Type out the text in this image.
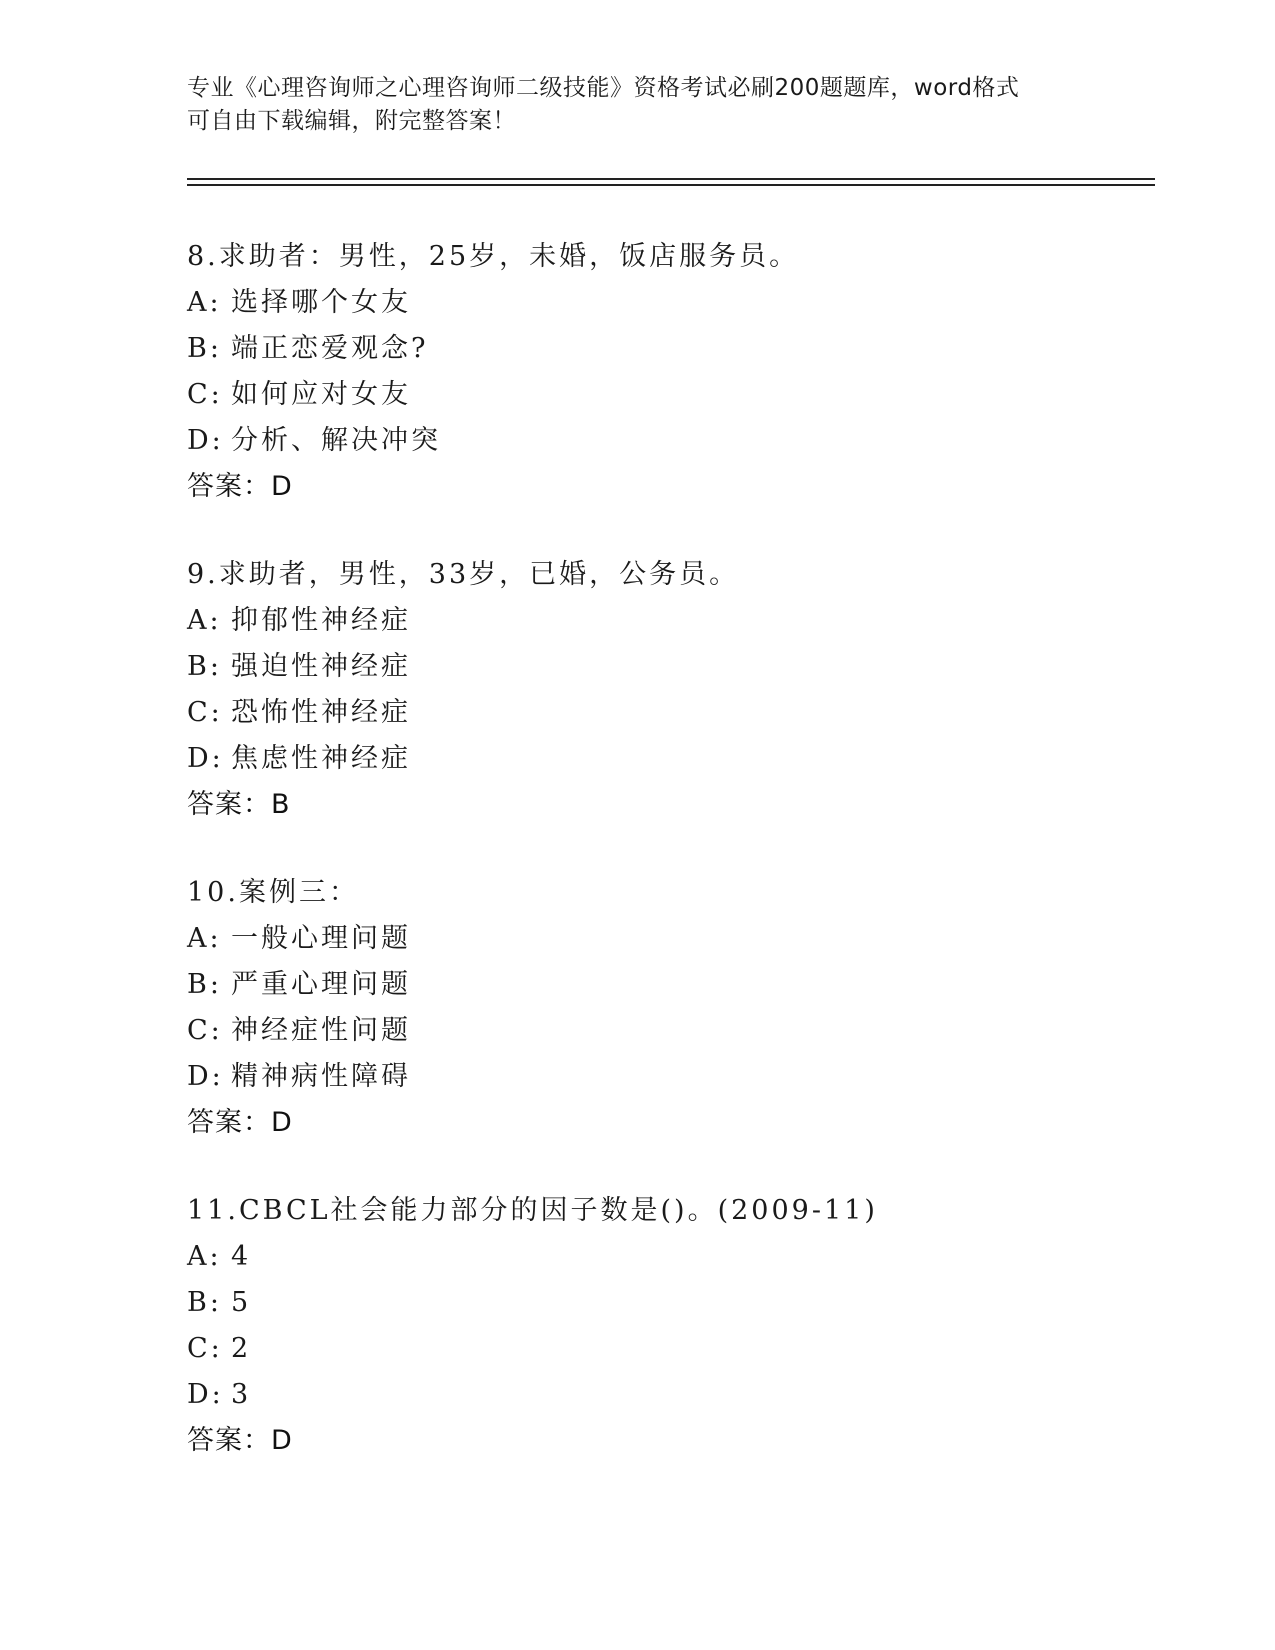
专业《心理咨询师之心理咨询师二级技能》资格考试必刷200题题库，word格式
可自由下载编辑，附完整答案！
8.求助者：男性，25岁，未婚，饭店服务员。
A: 选择哪个女友
B: 端正恋爱观念?
C: 如何应对女友
D: 分析、解决冲突
答案：D
9.求助者，男性，33岁，已婚，公务员。
A: 抑郁性神经症
B: 强迫性神经症
C: 恐怖性神经症
D: 焦虑性神经症
答案：B
10.案例三：
A: 一般心理问题
B: 严重心理问题
C: 神经症性问题
D: 精神病性障碍
答案：D
11.CBCL社会能力部分的因子数是()。(2009-11)
A: 4
B: 5
C: 2
D: 3
答案：D
